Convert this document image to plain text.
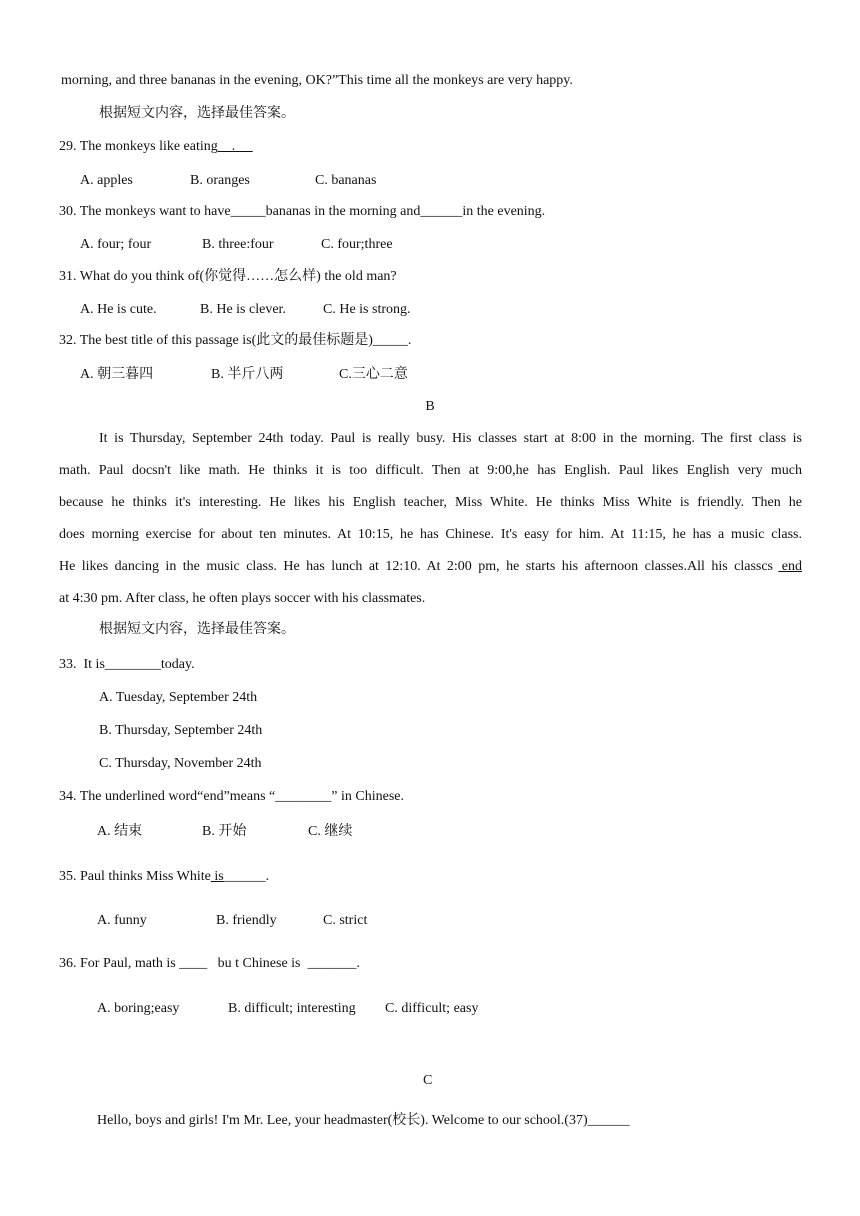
morning, and three bananas in the evening, OK?”This time all the monkeys are very happy.
根据短文内容，选择最佳答案。
29. The monkeys like eating    .
A. apples	B. oranges	C. bananas
30. The monkeys want to have_____bananas in the morning and______in the evening.
A. four; four	B. three:four	C. four;three
31. What do you think of(你觉得……怎么样) the old man?
A. He is cute.	B. He is clever.	C. He is strong.
32. The best title of this passage is(此文的最佳标题是)_____.
A. 朝三暮四	B. 半斤八两	C.三心二意
B
It is Thursday, September 24th today. Paul is really busy. His classes start at 8:00 in the morning. The first class is
math. Paul docsn't like math. He thinks it is too difficult. Then at 9:00,he has English. Paul likes English very much
because he thinks it's interesting. He likes his English teacher, Miss White. He thinks Miss White is friendly. Then he
does morning exercise for about ten minutes. At 10:15, he has Chinese. It's easy for him. At 11:15, he has a music class.
He likes dancing in the music class. He has lunch at 12:10. At 2:00 pm, he starts his afternoon classes.All his classcs end
at 4:30 pm. After class, he often plays soccer with his classmates.
根据短文内容，选择最佳答案。
33.  It is________today.
A. Tuesday, September 24th
B. Thursday, September 24th
C. Thursday, November 24th
34. The underlined word“end”means “________” in Chinese.
A. 结束	B. 开始	C. 继续
35. Paul thinks Miss White is______.
A. funny	B. friendly	C. strict
36. For Paul, math is ____   bu t Chinese is  _______.
A. boring;easy	B. difficult; interesting C. difficult; easy
C
Hello, boys and girls! I'm Mr. Lee, your headmaster(校长). Welcome to our school.(37)______
